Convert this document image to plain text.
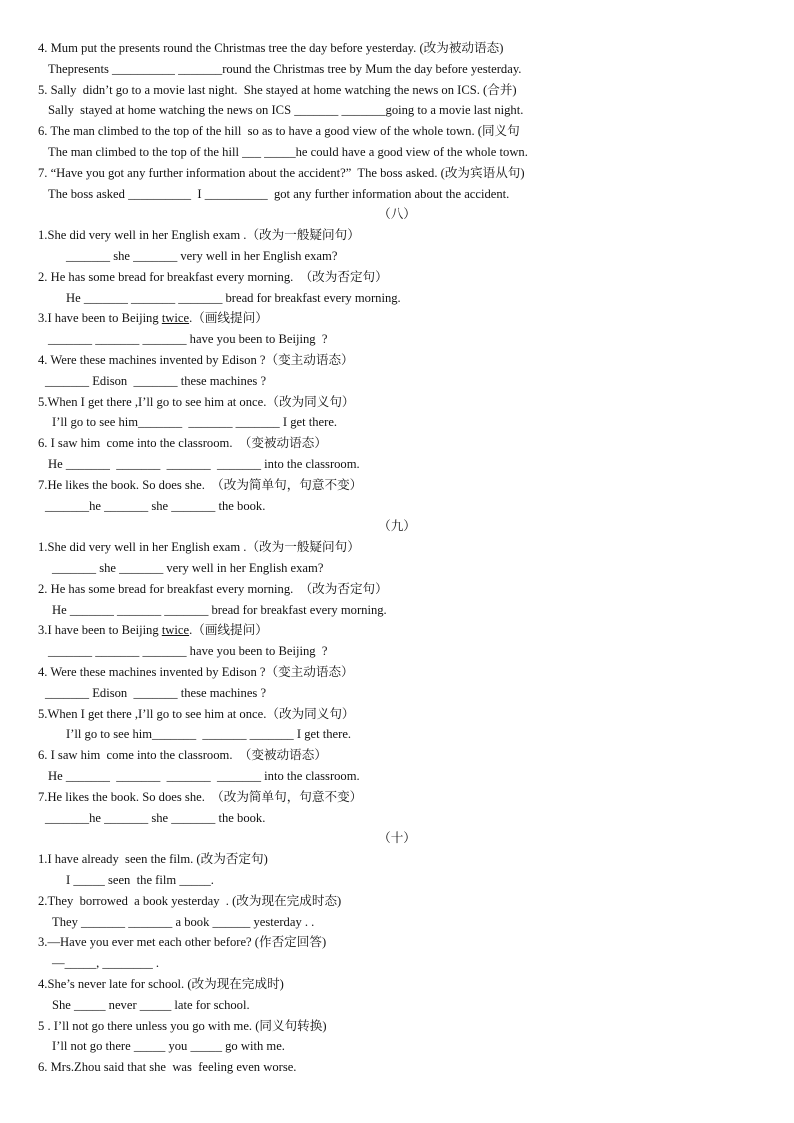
4. Mum put the presents round the Christmas tree the day before yesterday. (改为被动语态)
Thepresents __________ _______round the Christmas tree by Mum the day before yesterday.
5. Sally  didn’t go to a movie last night.  She stayed at home watching the news on ICS. (合并)
Sally  stayed at home watching the news on ICS _______ _______going to a movie last night.
6. The man climbed to the top of the hill  so as to have a good view of the whole town. (同义句
The man climbed to the top of the hill ___ _____he could have a good view of the whole town.
7. “Have you got any further information about the accident?”  The boss asked. (改为宾语从句)
The boss asked __________  I __________  got any further information about the accident.
（八）
1.She did very well in her English exam .（改为一般疑问句）
_______ she _______ very well in her English exam?
2. He has some bread for breakfast every morning.  （改为否定句）
He _______ _______ _______ bread for breakfast every morning.
3.I have been to Beijing twice.（画线提问）
_______ _______ _______ have you been to Beijing  ?
4. Were these machines invented by Edison ?（变主动语态）
_______ Edison  _______ these machines ?
5.When I get there ,I’ll go to see him at once.（改为同义句）
I’ll go to see him_______  _______ _______ I get there.
6. I saw him  come into the classroom.  （变被动语态）
He _______  _______  _______  _______ into the classroom.
7.He likes the book. So does she.  （改为简单句，句意不变）
_______he _______ she _______ the book.
（九）
1.She did very well in her English exam .（改为一般疑问句）
_______ she _______ very well in her English exam?
2. He has some bread for breakfast every morning.  （改为否定句）
He _______ _______ _______ bread for breakfast every morning.
3.I have been to Beijing twice.（画线提问）
_______ _______ _______ have you been to Beijing  ?
4. Were these machines invented by Edison ?（变主动语态）
_______ Edison  _______ these machines ?
5.When I get there ,I’ll go to see him at once.（改为同义句）
I’ll go to see him_______  _______ _______ I get there.
6. I saw him  come into the classroom.  （变被动语态）
He _______  _______  _______  _______ into the classroom.
7.He likes the book. So does she.  （改为简单句，句意不变）
_______he _______ she _______ the book.
（十）
1.I have already  seen the film. (改为否定句)
I _____ seen  the film _____.
2.They  borrowed  a book yesterday  . (改为现在完成时态)
They _______ _______ a book ______ yesterday . .
3.—Have you ever met each other before? (作否定回答)
—_____, ________ .
4.She’s never late for school. (改为现在完成时)
She _____ never _____ late for school.
5 . I’ll not go there unless you go with me. (同义句转换)
I’ll not go there _____ you _____ go with me.
6. Mrs.Zhou said that she  was  feeling even worse.
